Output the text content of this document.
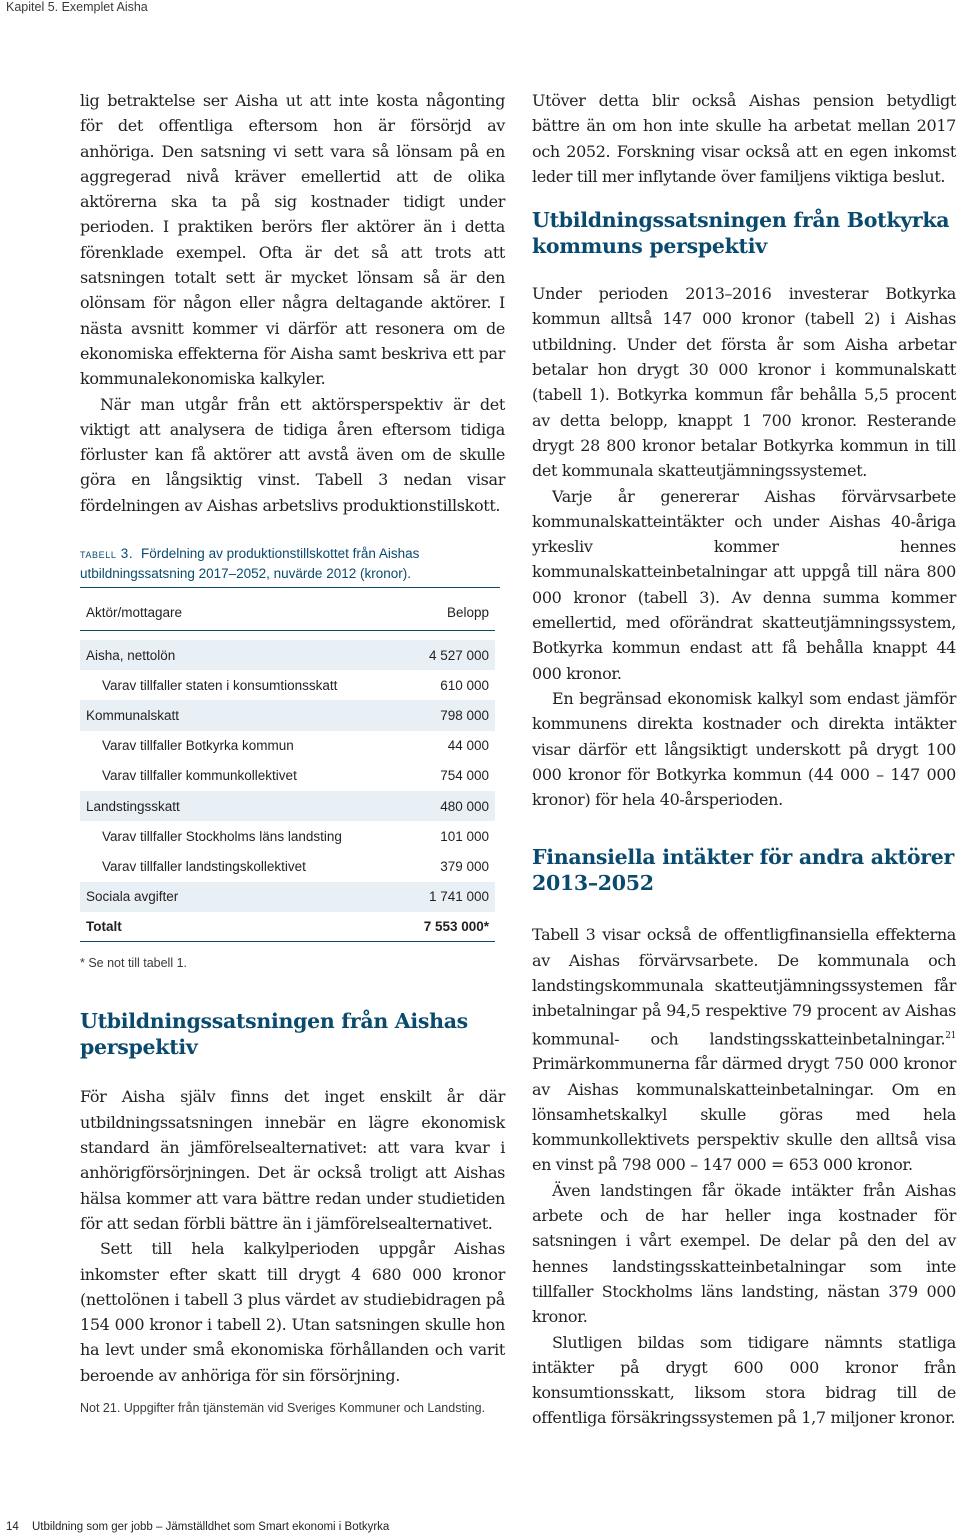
Kapitel 5. Exemplet Aisha

lig betraktelse ser Aisha ut att inte kosta någonting för det offentliga eftersom hon är försörjd av anhöriga. Den satsning vi sett vara så lönsam på en aggregerad nivå kräver emellertid att de olika aktörerna ska ta på sig kostnader tidigt under perioden. I praktiken berörs fler aktörer än i detta förenklade exempel. Ofta är det så att trots att satsningen totalt sett är mycket lönsam så är den olönsam för någon eller några deltagande aktörer. I nästa avsnitt kommer vi därför att resonera om de ekonomiska effekterna för Aisha samt beskriva ett par kommunalekonomiska kalkyler.

När man utgår från ett aktörsperspektiv är det viktigt att analysera de tidiga åren eftersom tidiga förluster kan få aktörer att avstå även om de skulle göra en långsiktig vinst. Tabell 3 nedan visar fördelningen av Aishas arbetslivs produktionstillskott.

tabell 3. Fördelning av produktionstillskottet från Aishas utbildningssatsning 2017–2052, nuvärde 2012 (kronor).
Aktör/mottagare	Belopp

Aisha, nettolön	4 527 000
Varav tillfaller staten i konsumtionsskatt	610 000
Kommunalskatt	798 000
Varav tillfaller Botkyrka kommun	44 000
Varav tillfaller kommunkollektivet	754 000
Landstingsskatt	480 000
Varav tillfaller Stockholms läns landsting	101 000
Varav tillfaller landstingskollektivet	379 000
Sociala avgifter	1 741 000
Totalt	7 553 000*
* Se not till tabell 1.
Utbildningssatsningen från Aishas perspektiv

För Aisha själv finns det inget enskilt år där utbildningssatsningen innebär en lägre ekonomisk standard än jämförelsealternativet: att vara kvar i anhörigförsörjningen. Det är också troligt att Aishas hälsa kommer att vara bättre redan under studietiden för att sedan förbli bättre än i jämförelsealternativet.

Sett till hela kalkylperioden uppgår Aishas inkomster efter skatt till drygt 4 680 000 kronor (nettolönen i tabell 3 plus värdet av studiebidragen på 154 000 kronor i tabell 2). Utan satsningen skulle hon ha levt under små ekonomiska förhållanden och varit beroende av anhöriga för sin försörjning.

Utöver detta blir också Aishas pension betydligt bättre än om hon inte skulle ha arbetat mellan 2017 och 2052. Forskning visar också att en egen inkomst leder till mer inflytande över familjens viktiga beslut.

Utbildningssatsningen från Botkyrka kommuns perspektiv

Under perioden 2013–2016 investerar Botkyrka kommun alltså 147 000 kronor (tabell 2) i Aishas utbildning. Under det första år som Aisha arbetar betalar hon drygt 30 000 kronor i kommunalskatt (tabell 1). Botkyrka kommun får behålla 5,5 procent av detta belopp, knappt 1 700 kronor. Resterande drygt 28 800 kronor betalar Botkyrka kommun in till det kommunala skatteutjämningssystemet.

Varje år genererar Aishas förvärvsarbete kommunalskatteintäkter och under Aishas 40-åriga yrkesliv kommer hennes kommunalskatteinbetalningar att uppgå till nära 800 000 kronor (tabell 3). Av denna summa kommer emellertid, med oförändrat skatteutjämningssystem, Botkyrka kommun endast att få behålla knappt 44 000 kronor.

En begränsad ekonomisk kalkyl som endast jämför kommunens direkta kostnader och direkta intäkter visar därför ett långsiktigt underskott på drygt 100 000 kronor för Botkyrka kommun (44 000 – 147 000 kronor) för hela 40-årsperioden.

Finansiella intäkter för andra aktörer 2013–2052

Tabell 3 visar också de offentligfinansiella effekterna av Aishas förvärvsarbete. De kommunala och landstingskommunala skatteutjämningssystemen får inbetalningar på 94,5 respektive 79 procent av Aishas kommunal- och landstingsskatteinbetalningar.$^{21}$ Primärkommunerna får därmed drygt 750 000 kronor av Aishas kommunalskatteinbetalningar. Om en lönsamhetskalkyl skulle göras med hela kommunkollektivets perspektiv skulle den alltså visa en vinst på 798 000 – 147 000 = 653 000 kronor.

Även landstingen får ökade intäkter från Aishas arbete och de har heller inga kostnader för satsningen i vårt exempel. De delar på den del av hennes landstingsskatteinbetalningar som inte tillfaller Stockholms läns landsting, nästan 379 000 kronor.

Slutligen bildas som tidigare nämnts statliga intäkter på drygt 600 000 kronor från konsumtionsskatt, liksom stora bidrag till de offentliga försäkringssystemen på 1,7 miljoner kronor.

Not 21. Uppgifter från tjänstemän vid Sveriges Kommuner och Landsting.
14 Utbildning som ger jobb – Jämställdhet som Smart ekonomi i Botkyrka
